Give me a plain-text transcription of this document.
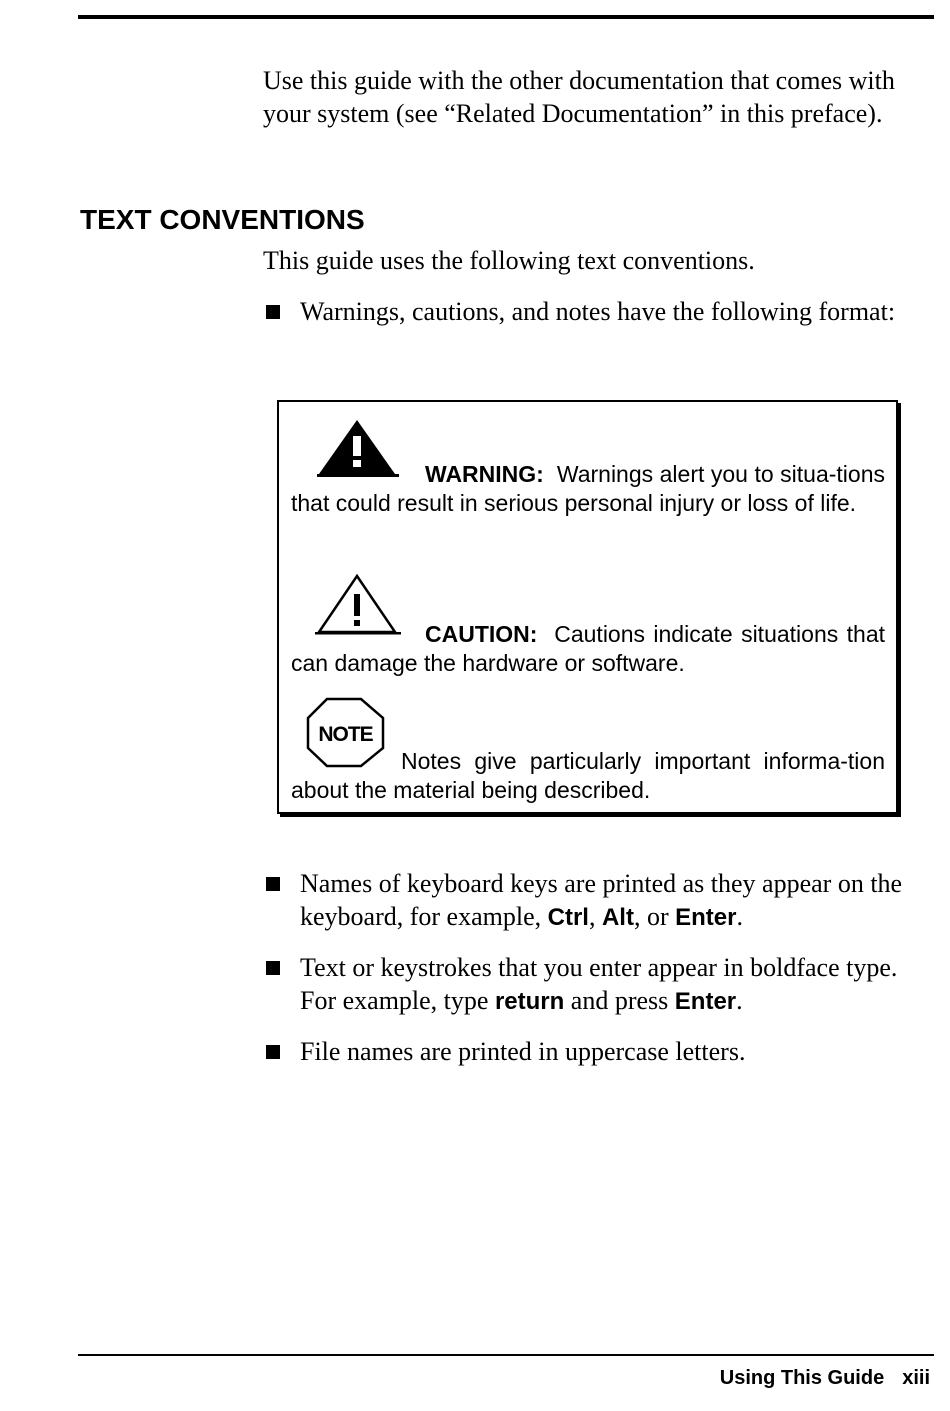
Use this guide with the other documentation that comes with your system (see “Related Documentation” in this preface).

TEXT CONVENTIONS

This guide uses the following text conventions.

Warnings, cautions, and notes have the following format:

WARNING: Warnings alert you to situa-tions that could result in serious personal injury or loss of life.

CAUTION: Cautions indicate situations that can damage the hardware or software.

NOTE

Notes give particularly important informa-tion about the material being described.

Names of keyboard keys are printed as they appear on the keyboard, for example, Ctrl, Alt, or Enter.
Text or keystrokes that you enter appear in boldface type. For example, type return and press Enter.
File names are printed in uppercase letters.
Using This Guide xiii
